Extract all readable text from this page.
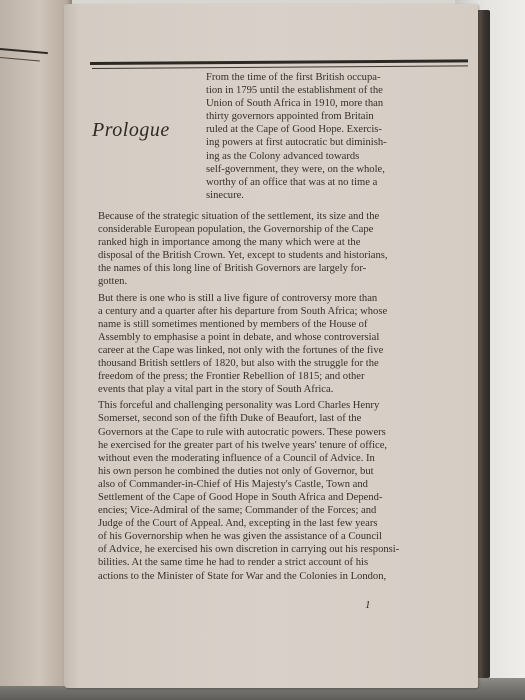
Prologue
From the time of the first British occupa-
tion in 1795 until the establishment of the
Union of South Africa in 1910, more than
thirty governors appointed from Britain
ruled at the Cape of Good Hope. Exercis-
ing powers at first autocratic but diminish-
ing as the Colony advanced towards
self-government, they were, on the whole,
worthy of an office that was at no time a
sinecure.
Because of the strategic situation of the settlement, its size and the
considerable European population, the Governorship of the Cape
ranked high in importance among the many which were at the
disposal of the British Crown. Yet, except to students and historians,
the names of this long line of British Governors are largely for-
gotten.
But there is one who is still a live figure of controversy more than
a century and a quarter after his departure from South Africa; whose
name is still sometimes mentioned by members of the House of
Assembly to emphasise a point in debate, and whose controversial
career at the Cape was linked, not only with the fortunes of the five
thousand British settlers of 1820, but also with the struggle for the
freedom of the press; the Frontier Rebellion of 1815; and other
events that play a vital part in the story of South Africa.
This forceful and challenging personality was Lord Charles Henry
Somerset, second son of the fifth Duke of Beaufort, last of the
Governors at the Cape to rule with autocratic powers. These powers
he exercised for the greater part of his twelve years' tenure of office,
without even the moderating influence of a Council of Advice. In
his own person he combined the duties not only of Governor, but
also of Commander-in-Chief of His Majesty's Castle, Town and
Settlement of the Cape of Good Hope in South Africa and Depend-
encies; Vice-Admiral of the same; Commander of the Forces; and
Judge of the Court of Appeal. And, excepting in the last few years
of his Governorship when he was given the assistance of a Council
of Advice, he exercised his own discretion in carrying out his responsi-
bilities. At the same time he had to render a strict account of his
actions to the Minister of State for War and the Colonies in London,
1
